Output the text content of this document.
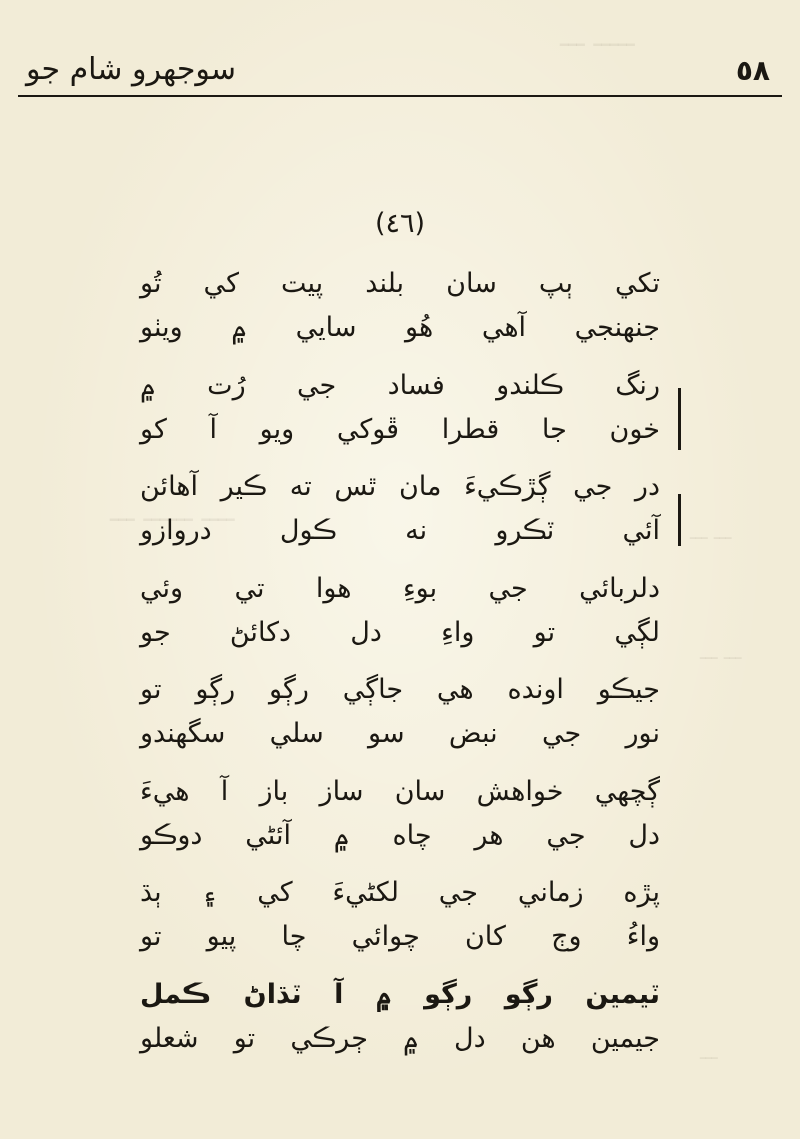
ـــــ ـــ
ــــ ــــــ ـــ
ـــ ـــ
ـــ ـــ
ـــ
سوجھرو شام جو	٥٨
(٤٦)
تکي ٻپ سان بلند پيت کي تُو
جنھنجي آهي هُو سايي ۾ ويٺو
رنگ ڪلندو فساد جي رُت ۾
خون جا قطرا ڦوکي ويو آ کو
در جي ڳڙڪيءَ مان ٿس ته ڪير آهائن
آئي ٽڪرو نه ڪول دروازو
دلربائي جي بوءِ هوا تي وئي
لڳي تو واءِ دل دکائڻ جو
جيڪو اونده هي جاڳي رڳو رڳو تو
نور جي نبض سو سلي سگھندو
ڳچھي خواهش سان ساز باز آ هيءَ
دل جي هر چاه ۾ آئڻي دوڪو
پڙه زماني جي لکڻيءَ کي ۽ ٻڌ
واءُ وڄ کان چوائي چا پيو تو
ٽيمين رڳو رڳو ۾ آ ٽڌاڻ ڪمل
جيمين هن دل ۾ ڄرڪي تو شعلو
